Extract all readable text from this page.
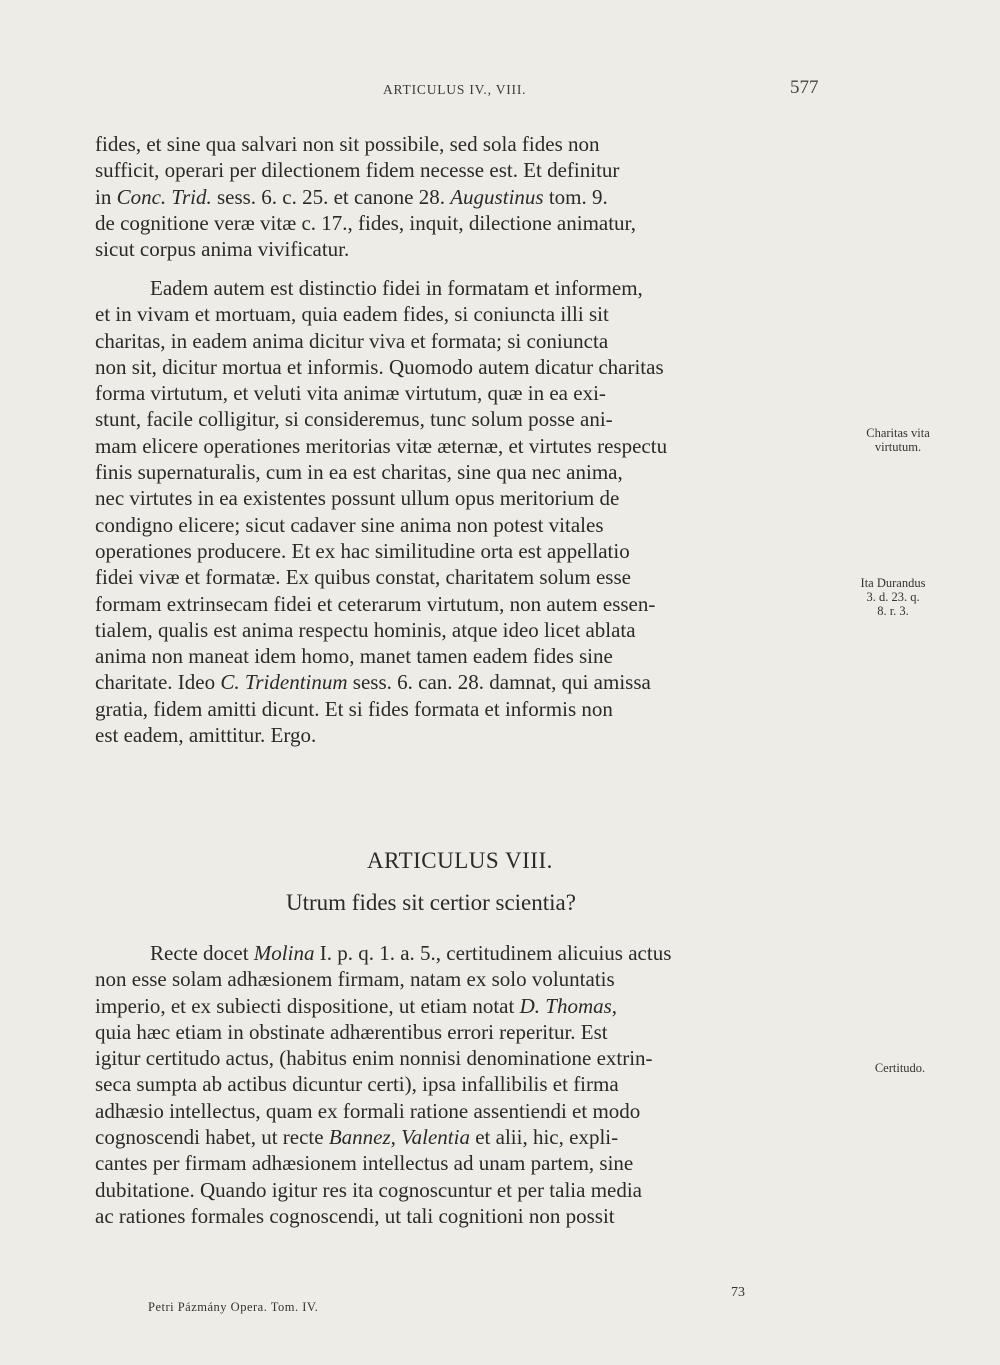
ARTICULUS IV., VIII.	577
fides, et sine qua salvari non sit possibile, sed sola fides non
sufficit, operari per dilectionem fidem necesse est. Et definitur
in Conc. Trid. sess. 6. c. 25. et canone 28. Augustinus tom. 9.
de cognitione veræ vitæ c. 17., fides, inquit, dilectione animatur,
sicut corpus anima vivificatur.
Eadem autem est distinctio fidei in formatam et informem,
et in vivam et mortuam, quia eadem fides, si coniuncta illi sit
charitas, in eadem anima dicitur viva et formata; si coniuncta
non sit, dicitur mortua et informis. Quomodo autem dicatur charitas
forma virtutum, et veluti vita animæ virtutum, quæ in ea exi-
stunt, facile colligitur, si consideremus, tunc solum posse ani-
mam elicere operationes meritorias vitæ æternæ, et virtutes respectu
finis supernaturalis, cum in ea est charitas, sine qua nec anima,
nec virtutes in ea existentes possunt ullum opus meritorium de
condigno elicere; sicut cadaver sine anima non potest vitales
operationes producere. Et ex hac similitudine orta est appellatio
fidei vivæ et formatæ. Ex quibus constat, charitatem solum esse
formam extrinsecam fidei et ceterarum virtutum, non autem essen-
tialem, qualis est anima respectu hominis, atque ideo licet ablata
anima non maneat idem homo, manet tamen eadem fides sine
charitate. Ideo C. Tridentinum sess. 6. can. 28. damnat, qui amissa
gratia, fidem amitti dicunt. Et si fides formata et informis non
est eadem, amittitur. Ergo.
ARTICULUS VIII.
Utrum fides sit certior scientia?
Recte docet Molina I. p. q. 1. a. 5., certitudinem alicuius actus
non esse solam adhæsionem firmam, natam ex solo voluntatis
imperio, et ex subiecti dispositione, ut etiam notat D. Thomas,
quia hæc etiam in obstinate adhærentibus errori reperitur. Est
igitur certitudo actus, (habitus enim nonnisi denominatione extrin-
seca sumpta ab actibus dicuntur certi), ipsa infallibilis et firma
adhæsio intellectus, quam ex formali ratione assentiendi et modo
cognoscendi habet, ut recte Bannez, Valentia et alii, hic, expli-
cantes per firmam adhæsionem intellectus ad unam partem, sine
dubitatione. Quando igitur res ita cognoscuntur et per talia media
ac rationes formales cognoscendi, ut tali cognitioni non possit
Charitas vita
virtutum.
Ita Durandus
3. d. 23. q.
8. r. 3.
Certitudo.
Petri Pázmány Opera. Tom. IV.
73
